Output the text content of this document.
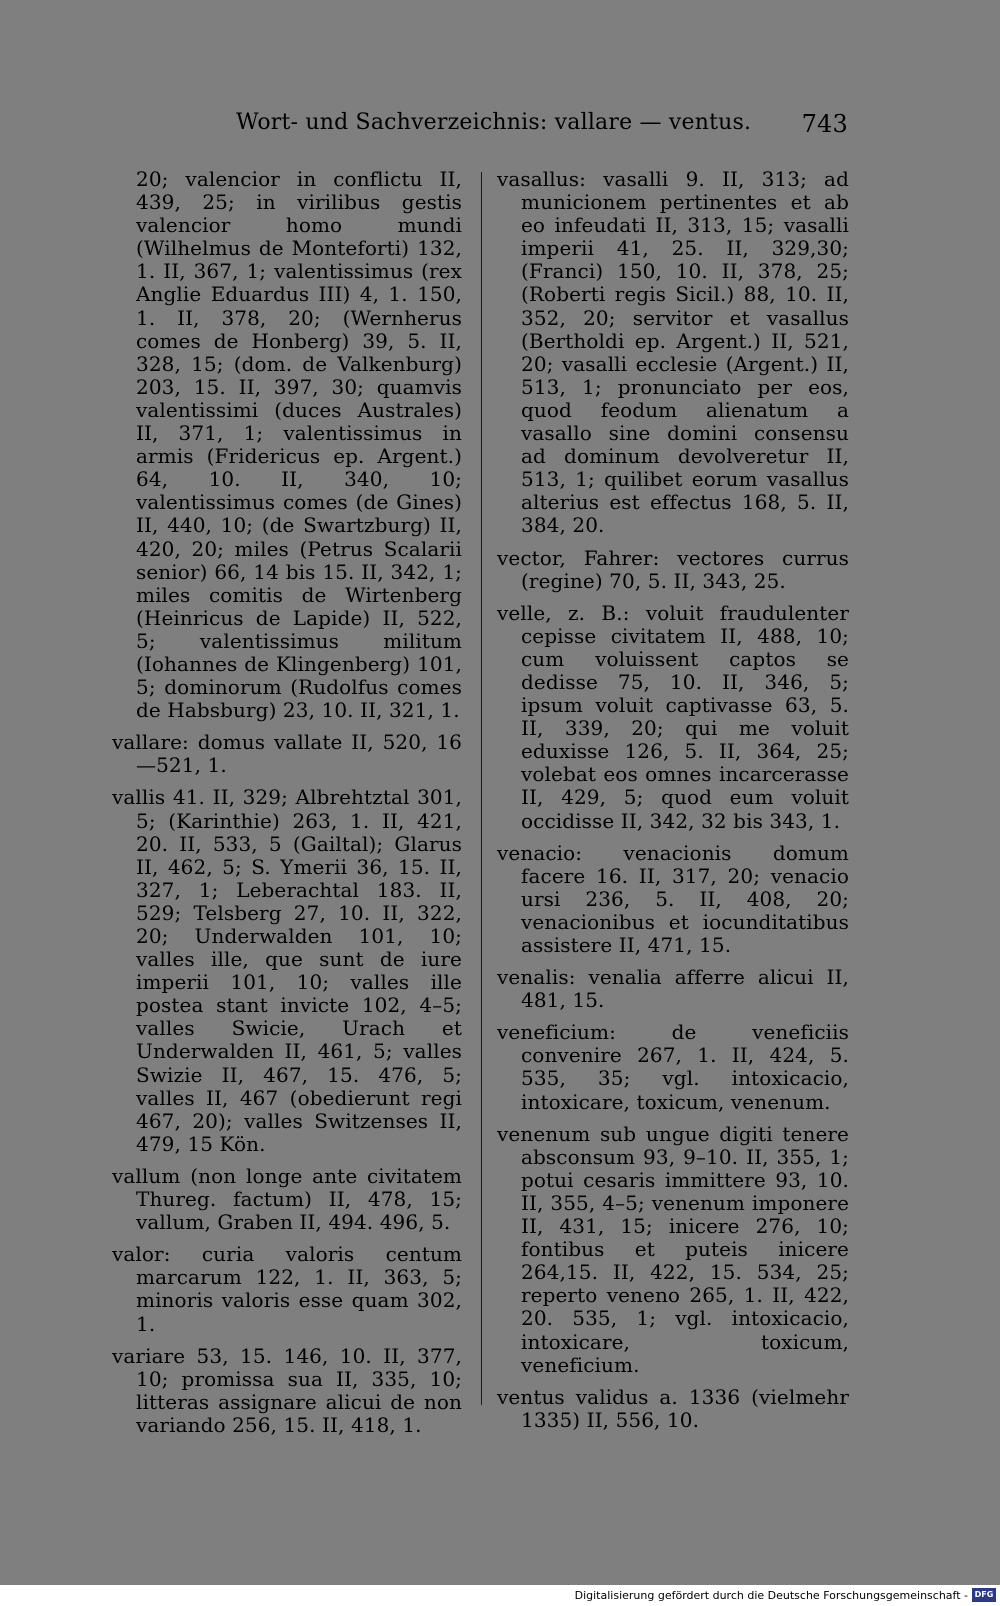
Wort- und Sachverzeichnis: vallare — ventus. 743

20; valencior in conflictu II, 439, 25; in virilibus gestis valencior homo mundi (Wilhelmus de Monteforti) 132, 1. II, 367, 1; valentissimus (rex Anglie Eduardus III) 4, 1. 150, 1. II, 378, 20; (Wernherus comes de Honberg) 39, 5. II, 328, 15; (dom. de Valkenburg) 203, 15. II, 397, 30; quamvis valentissimi (duces Australes) II, 371, 1; valentissimus in armis (Fridericus ep. Argent.) 64, 10. II, 340, 10; valentissimus comes (de Gines) II, 440, 10; (de Swartzburg) II, 420, 20; miles (Petrus Scalarii senior) 66, 14 bis 15. II, 342, 1; miles comitis de Wirtenberg (Heinricus de Lapide) II, 522, 5; valentissimus militum (Iohannes de Klingenberg) 101, 5; dominorum (Rudolfus comes de Habsburg) 23, 10. II, 321, 1.

vallare: domus vallate II, 520, 16—521, 1.

vallis 41. II, 329; Albrehtztal 301, 5; (Karinthie) 263, 1. II, 421, 20. II, 533, 5 (Gailtal); Glarus II, 462, 5; S. Ymerii 36, 15. II, 327, 1; Leberachtal 183. II, 529; Telsberg 27, 10. II, 322, 20; Underwalden 101, 10; valles ille, que sunt de iure imperii 101, 10; valles ille postea stant invicte 102, 4–5; valles Swicie, Urach et Underwalden II, 461, 5; valles Swizie II, 467, 15. 476, 5; valles II, 467 (obedierunt regi 467, 20); valles Switzenses II, 479, 15 Kön.

vallum (non longe ante civitatem Thureg. factum) II, 478, 15; vallum, Graben II, 494. 496, 5.

valor: curia valoris centum marcarum 122, 1. II, 363, 5; minoris valoris esse quam 302, 1.

variare 53, 15. 146, 10. II, 377, 10; promissa sua II, 335, 10; litteras assignare alicui de non variando 256, 15. II, 418, 1.

vasallus: vasalli 9. II, 313; ad municionem pertinentes et ab eo infeudati II, 313, 15; vasalli imperii 41, 25. II, 329,30; (Franci) 150, 10. II, 378, 25; (Roberti regis Sicil.) 88, 10. II, 352, 20; servitor et vasallus (Bertholdi ep. Argent.) II, 521, 20; vasalli ecclesie (Argent.) II, 513, 1; pronunciato per eos, quod feodum alienatum a vasallo sine domini consensu ad dominum devolveretur II, 513, 1; quilibet eorum vasallus alterius est effectus 168, 5. II, 384, 20.

vector, Fahrer: vectores currus (regine) 70, 5. II, 343, 25.

velle, z. B.: voluit fraudulenter cepisse civitatem II, 488, 10; cum voluissent captos se dedisse 75, 10. II, 346, 5; ipsum voluit captivasse 63, 5. II, 339, 20; qui me voluit eduxisse 126, 5. II, 364, 25; volebat eos omnes incarcerasse II, 429, 5; quod eum voluit occidisse II, 342, 32 bis 343, 1.

venacio: venacionis domum facere 16. II, 317, 20; venacio ursi 236, 5. II, 408, 20; venacionibus et iocunditatibus assistere II, 471, 15.

venalis: venalia afferre alicui II, 481, 15.

veneficium: de veneficiis convenire 267, 1. II, 424, 5. 535, 35; vgl. intoxicacio, intoxicare, toxicum, venenum.

venenum sub ungue digiti tenere absconsum 93, 9–10. II, 355, 1; potui cesaris immittere 93, 10. II, 355, 4–5; venenum imponere II, 431, 15; inicere 276, 10; fontibus et puteis inicere 264,15. II, 422, 15. 534, 25; reperto veneno 265, 1. II, 422, 20. 535, 1; vgl. intoxicacio, intoxicare, toxicum, veneficium.

ventus validus a. 1336 (vielmehr 1335) II, 556, 10.

Digitalisierung gefördert durch die Deutsche Forschungsgemeinschaft - DFG
